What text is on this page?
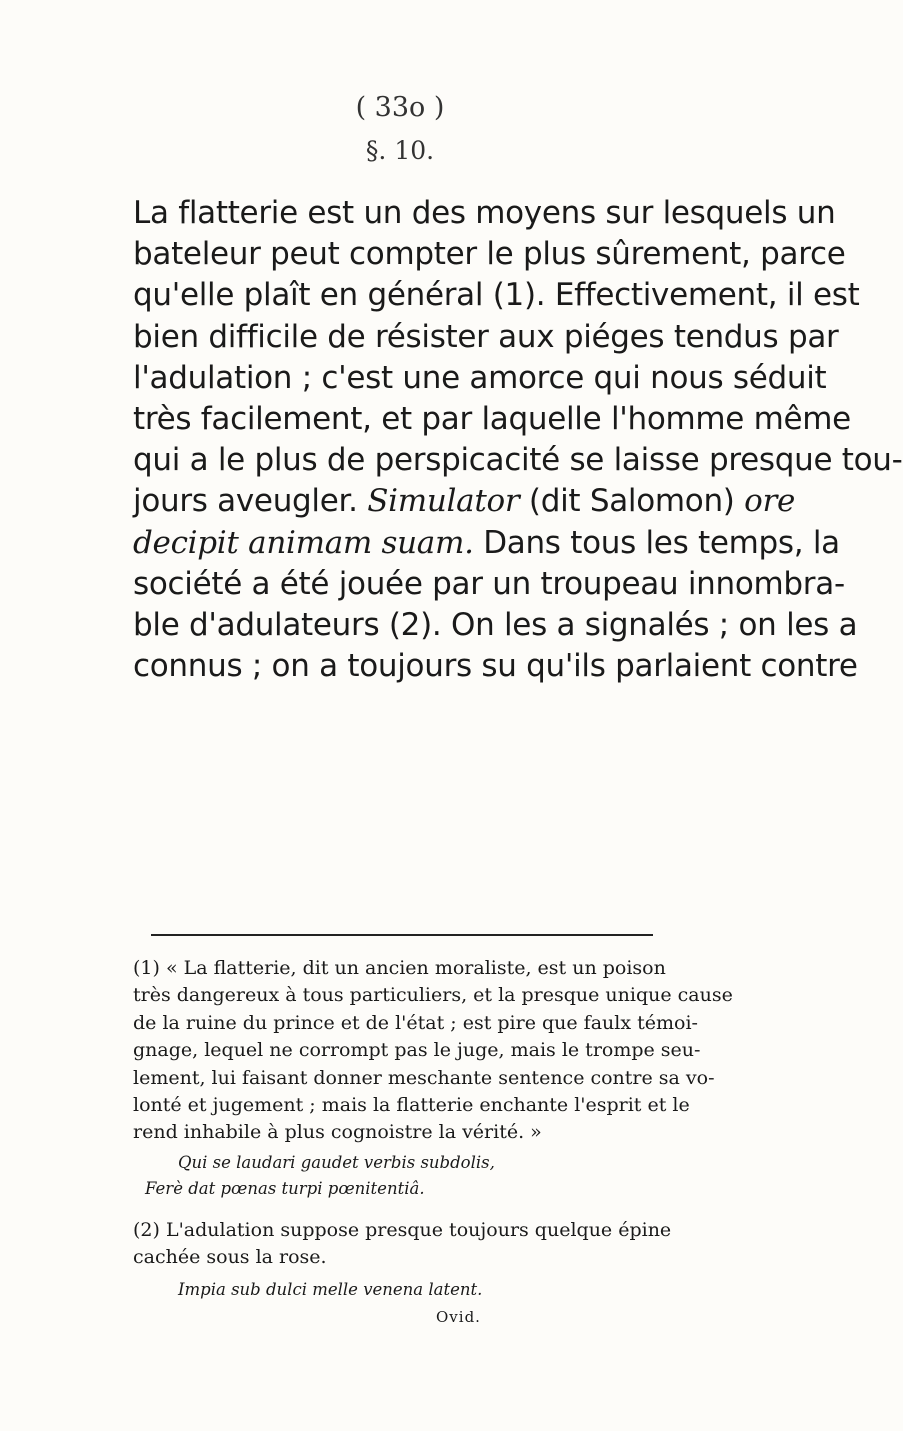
( 33o )
§. 10.
La flatterie est un des moyens sur lesquels un
bateleur peut compter le plus sûrement, parce
qu'elle plaît en général (1). Effectivement, il est
bien difficile de résister aux piéges tendus par
l'adulation ; c'est une amorce qui nous séduit
très facilement, et par laquelle l'homme même
qui a le plus de perspicacité se laisse presque tou-
jours aveugler. Simulator (dit Salomon) ore
decipit animam suam. Dans tous les temps, la
société a été jouée par un troupeau innombra-
ble d'adulateurs (2). On les a signalés ; on les a
connus ; on a toujours su qu'ils parlaient contre
(1) « La flatterie, dit un ancien moraliste, est un poison
très dangereux à tous particuliers, et la presque unique cause
de la ruine du prince et de l'état ; est pire que faulx témoi-
gnage, lequel ne corrompt pas le juge, mais le trompe seu-
lement, lui faisant donner meschante sentence contre sa vo-
lonté et jugement ; mais la flatterie enchante l'esprit et le
rend inhabile à plus cognoistre la vérité. »
Qui se laudari gaudet verbis subdolis,
Ferè dat pœnas turpi pœnitentiâ.
(2) L'adulation suppose presque toujours quelque épine
cachée sous la rose.
Impia sub dulci melle venena latent.
Ovid.
